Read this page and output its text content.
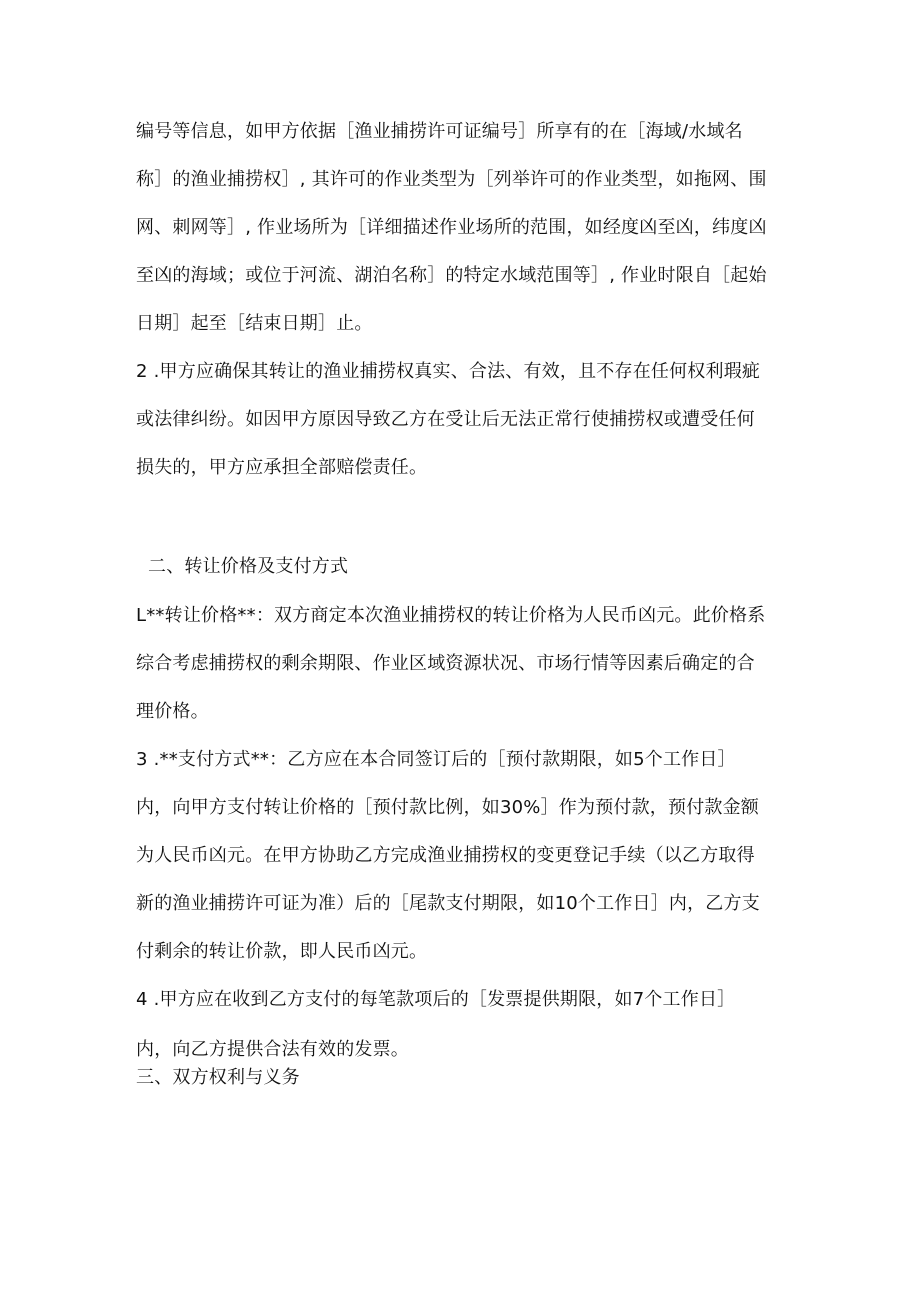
编号等信息，如甲方依据［渔业捕捞许可证编号］所享有的在［海域/水域名
称］的渔业捕捞权］, 其许可的作业类型为［列举许可的作业类型，如拖网、围
网、刺网等］, 作业场所为［详细描述作业场所的范围，如经度凶至凶，纬度凶
至凶的海域；或位于河流、湖泊名称］的特定水域范围等］, 作业时限自［起始
日期］起至［结束日期］止。
2 .甲方应确保其转让的渔业捕捞权真实、合法、有效，且不存在任何权利瑕疵
或法律纠纷。如因甲方原因导致乙方在受让后无法正常行使捕捞权或遭受任何
损失的，甲方应承担全部赔偿责任。
二、转让价格及支付方式
L**转让价格**：双方商定本次渔业捕捞权的转让价格为人民币凶元。此价格系
综合考虑捕捞权的剩余期限、作业区域资源状况、市场行情等因素后确定的合
理价格。
3 .**支付方式**：乙方应在本合同签订后的［预付款期限，如5个工作日］
内，向甲方支付转让价格的［预付款比例，如30%］作为预付款，预付款金额
为人民币凶元。在甲方协助乙方完成渔业捕捞权的变更登记手续（以乙方取得
新的渔业捕捞许可证为准）后的［尾款支付期限，如10个工作日］内，乙方支
付剩余的转让价款，即人民币凶元。
4 .甲方应在收到乙方支付的每笔款项后的［发票提供期限，如7个工作日］
内，向乙方提供合法有效的发票。
三、双方权利与义务
